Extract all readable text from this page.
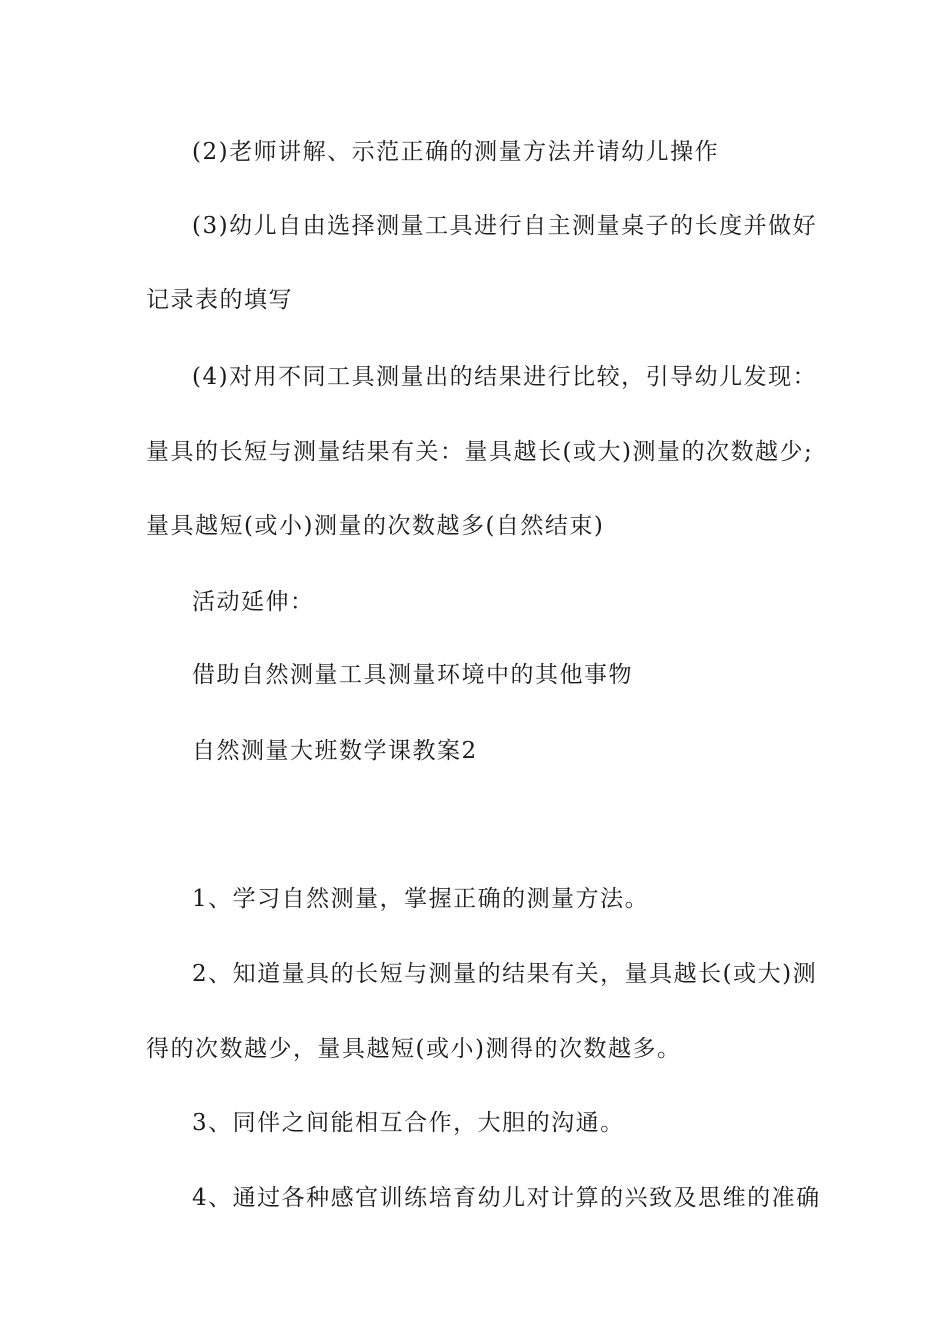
(2)老师讲解、示范正确的测量方法并请幼儿操作
(3)幼儿自由选择测量工具进行自主测量桌子的长度并做好
记录表的填写
(4)对用不同工具测量出的结果进行比较，引导幼儿发现：
量具的长短与测量结果有关：量具越长(或大)测量的次数越少;
量具越短(或小)测量的次数越多(自然结束)
活动延伸：
借助自然测量工具测量环境中的其他事物
自然测量大班数学课教案2
1、学习自然测量，掌握正确的测量方法。
2、知道量具的长短与测量的结果有关，量具越长(或大)测
得的次数越少，量具越短(或小)测得的次数越多。
3、同伴之间能相互合作，大胆的沟通。
4、通过各种感官训练培育幼儿对计算的兴致及思维的准确
